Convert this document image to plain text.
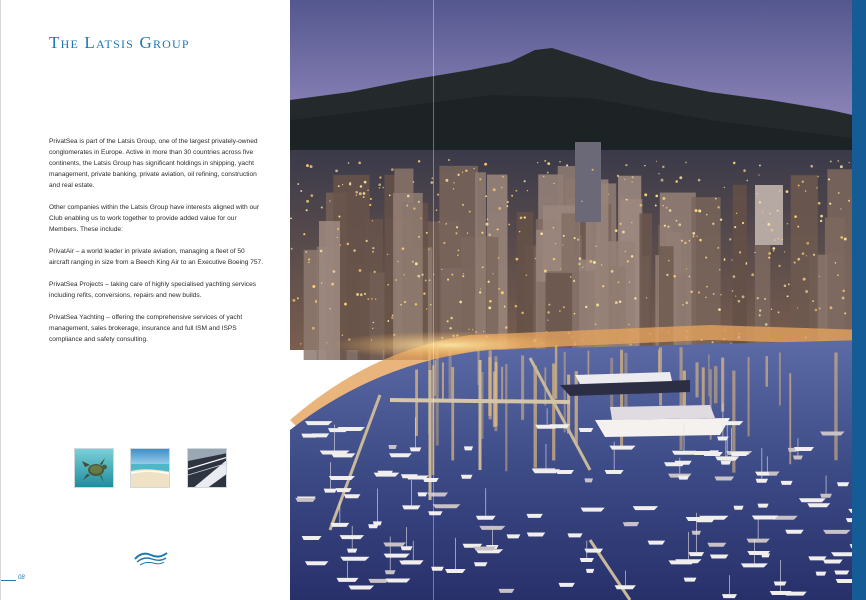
The Latsis Group

PrivatSea is part of the Latsis Group, one of the largest privately-owned conglomerates in Europe. Active in more than 30 countries across five continents, the Latsis Group has significant holdings in shipping, yacht management, private banking, private aviation, oil refining, construction and real estate.

Other companies within the Latsis Group have interests aligned with our Club enabling us to work together to provide added value for our Members. These include:

PrivatAir – a world leader in private aviation, managing a fleet of 50 aircraft ranging in size from a Beech King Air to an Executive Boeing 757.

PrivatSea Projects – taking care of highly specialised yachting services including refits, conversions, repairs and new builds.

PrivatSea Yachting – offering the comprehensive services of yacht management, sales brokerage, insurance and full ISM and ISPS compliance and safety consulting.

08
